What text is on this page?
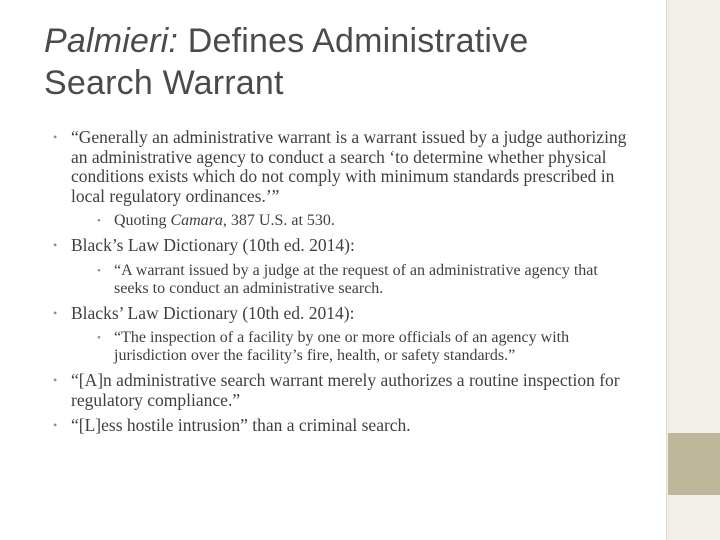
Palmieri: Defines Administrative
Search Warrant
• “Generally an administrative warrant is a warrant issued by a judge authorizing an administrative agency to conduct a search ‘to determine whether physical conditions exists which do not comply with minimum standards prescribed in local regulatory ordinances.’”
• Quoting Camara, 387 U.S. at 530.
• Black’s Law Dictionary (10th ed. 2014):
• “A warrant issued by a judge at the request of an administrative agency that seeks to conduct an administrative search.
• Blacks’ Law Dictionary (10th ed. 2014):
• “The inspection of a facility by one or more officials of an agency with jurisdiction over the facility’s fire, health, or safety standards.”
• “[A]n administrative search warrant merely authorizes a routine inspection for regulatory compliance.”
• “[L]ess hostile intrusion” than a criminal search.
